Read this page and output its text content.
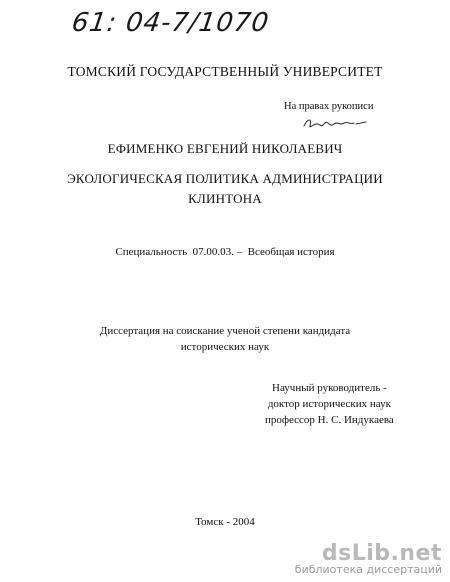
61: 04-7/1070
ТОМСКИЙ ГОСУДАРСТВЕННЫЙ УНИВЕРСИТЕТ
На правах рукописи
ЕФИМЕНКО ЕВГЕНИЙ НИКОЛАЕВИЧ
ЭКОЛОГИЧЕСКАЯ ПОЛИТИКА АДМИНИСТРАЦИИ
КЛИНТОНА
Специальность 07.00.03. – Всеобщая история
Диссертация на соискание ученой степени кандидата
исторических наук
Научный руководитель -
доктор исторических наук
профессор Н. С. Индукаева
Томск - 2004
dsLib.net
библиотека диссертаций
